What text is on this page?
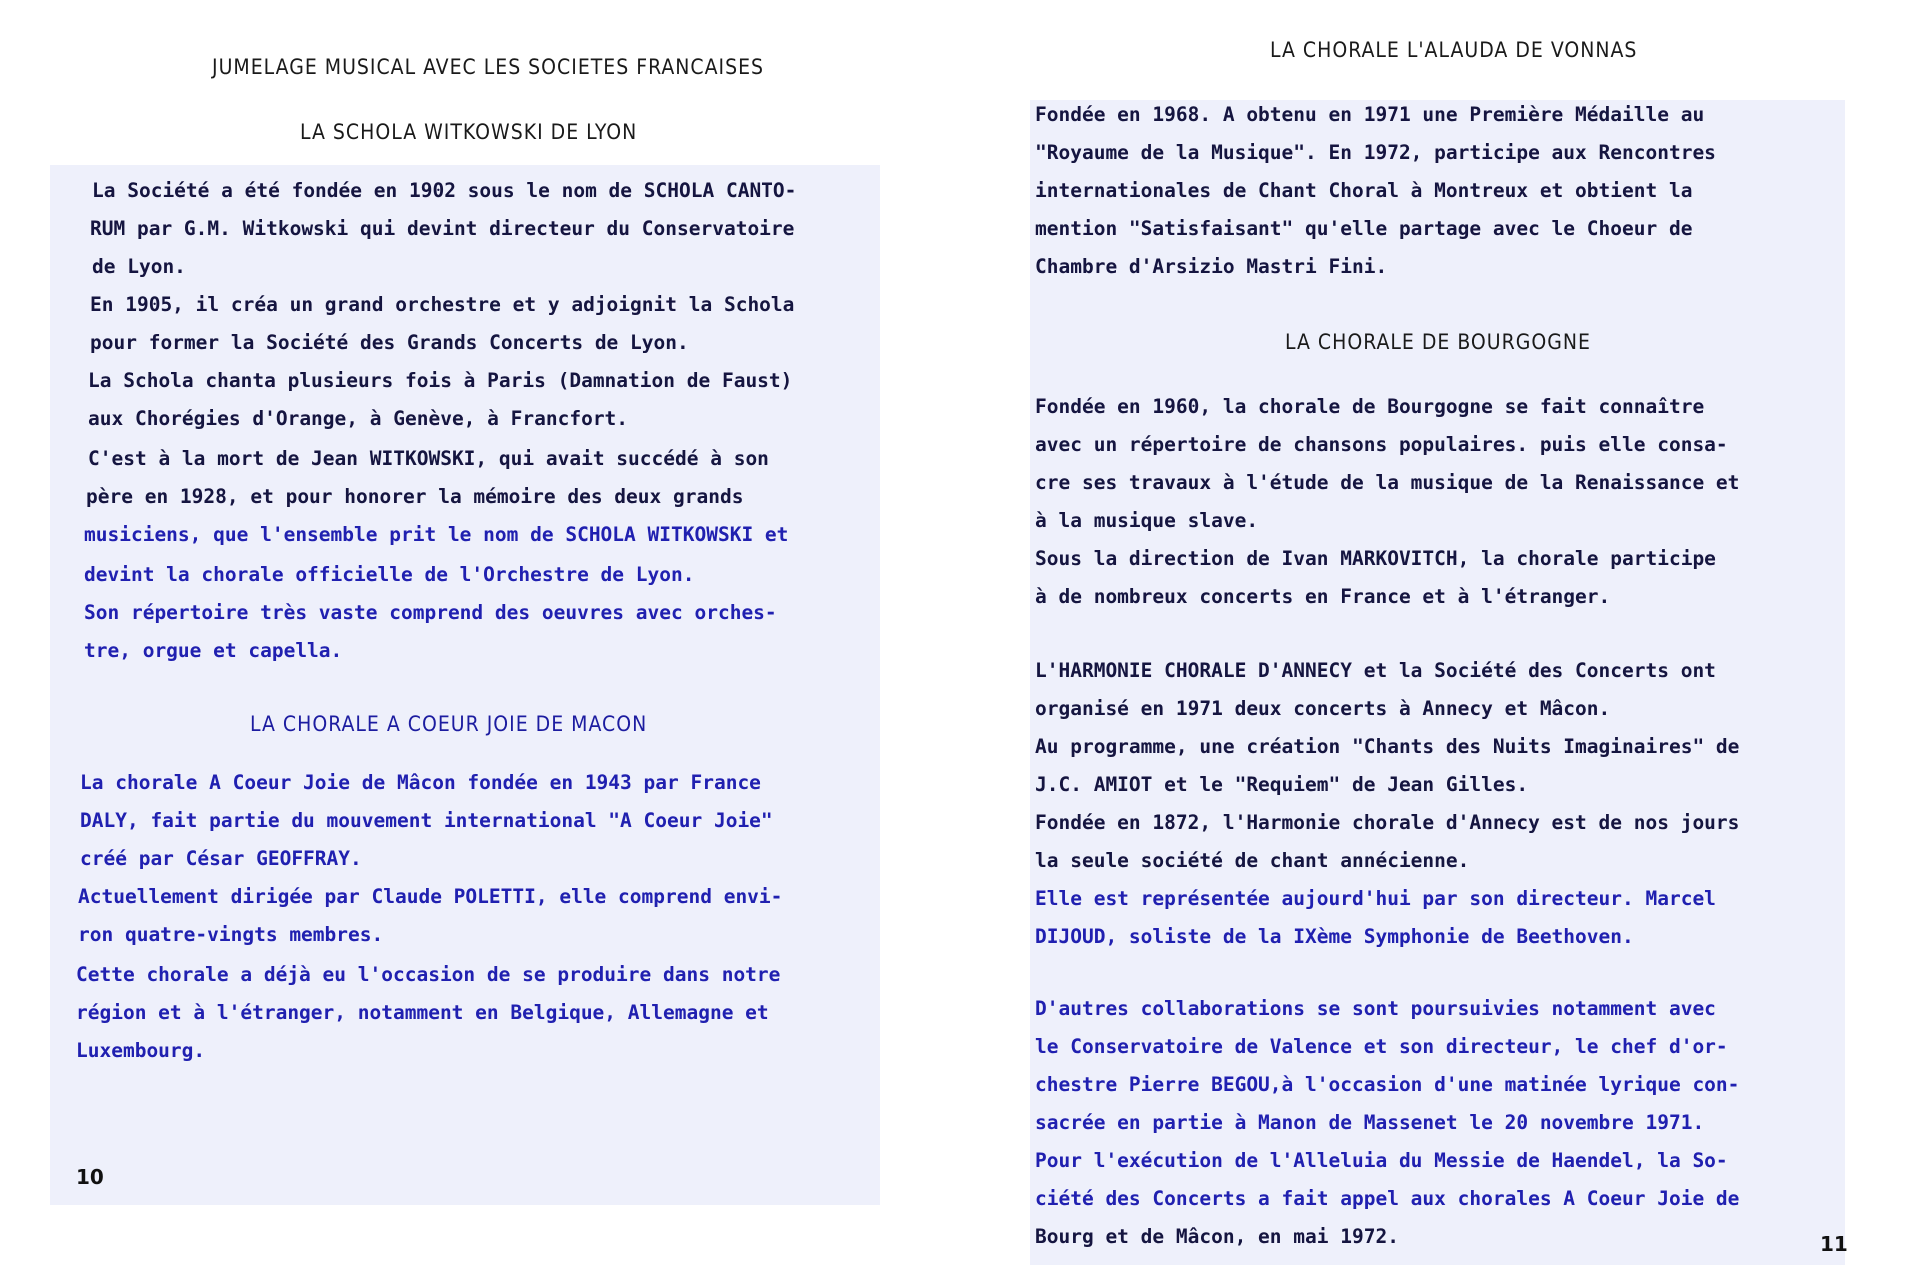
JUMELAGE MUSICAL AVEC LES SOCIETES FRANCAISES
LA SCHOLA WITKOWSKI DE LYON
La Société a été fondée en 1902 sous le nom de SCHOLA CANTO-
RUM par G.M. Witkowski qui devint directeur du Conservatoire
de Lyon.
En 1905, il créa un grand orchestre et y adjoignit la Schola
pour former la Société des Grands Concerts de Lyon.
La Schola chanta plusieurs fois à Paris (Damnation de Faust)
aux Chorégies d'Orange, à Genève, à Francfort.
C'est à la mort de Jean WITKOWSKI, qui avait succédé à son
père en 1928, et pour honorer la mémoire des deux grands
musiciens, que l'ensemble prit le nom de SCHOLA WITKOWSKI et
devint la chorale officielle de l'Orchestre de Lyon.
Son répertoire très vaste comprend des oeuvres avec orches-
tre, orgue et capella.
LA CHORALE A COEUR JOIE DE MACON
La chorale A Coeur Joie de Mâcon fondée en 1943 par France
DALY, fait partie du mouvement international "A Coeur Joie"
créé par César GEOFFRAY.
Actuellement dirigée par Claude POLETTI, elle comprend envi-
ron quatre-vingts membres.
Cette chorale a déjà eu l'occasion de se produire dans notre
région et à l'étranger, notamment en Belgique, Allemagne et
Luxembourg.
10
LA CHORALE L'ALAUDA DE VONNAS
Fondée en 1968. A obtenu en 1971 une Première Médaille au
"Royaume de la Musique". En 1972, participe aux Rencontres
internationales de Chant Choral à Montreux et obtient la
mention "Satisfaisant" qu'elle partage avec le Choeur de
Chambre d'Arsizio Mastri Fini.
LA CHORALE DE BOURGOGNE
Fondée en 1960, la chorale de Bourgogne se fait connaître
avec un répertoire de chansons populaires. puis elle consa-
cre ses travaux à l'étude de la musique de la Renaissance et
à la musique slave.
Sous la direction de Ivan MARKOVITCH, la chorale participe
à de nombreux concerts en France et à l'étranger.
L'HARMONIE CHORALE D'ANNECY et la Société des Concerts ont
organisé en 1971 deux concerts à Annecy et Mâcon.
Au programme, une création "Chants des Nuits Imaginaires" de
J.C. AMIOT et le "Requiem" de Jean Gilles.
Fondée en 1872, l'Harmonie chorale d'Annecy est de nos jours
la seule société de chant annécienne.
Elle est représentée aujourd'hui par son directeur. Marcel
DIJOUD, soliste de la IXème Symphonie de Beethoven.
D'autres collaborations se sont poursuivies notamment avec
le Conservatoire de Valence et son directeur, le chef d'or-
chestre Pierre BEGOU,à l'occasion d'une matinée lyrique con-
sacrée en partie à Manon de Massenet le 20 novembre 1971.
Pour l'exécution de l'Alleluia du Messie de Haendel, la So-
ciété des Concerts a fait appel aux chorales A Coeur Joie de
Bourg et de Mâcon, en mai 1972.	11
